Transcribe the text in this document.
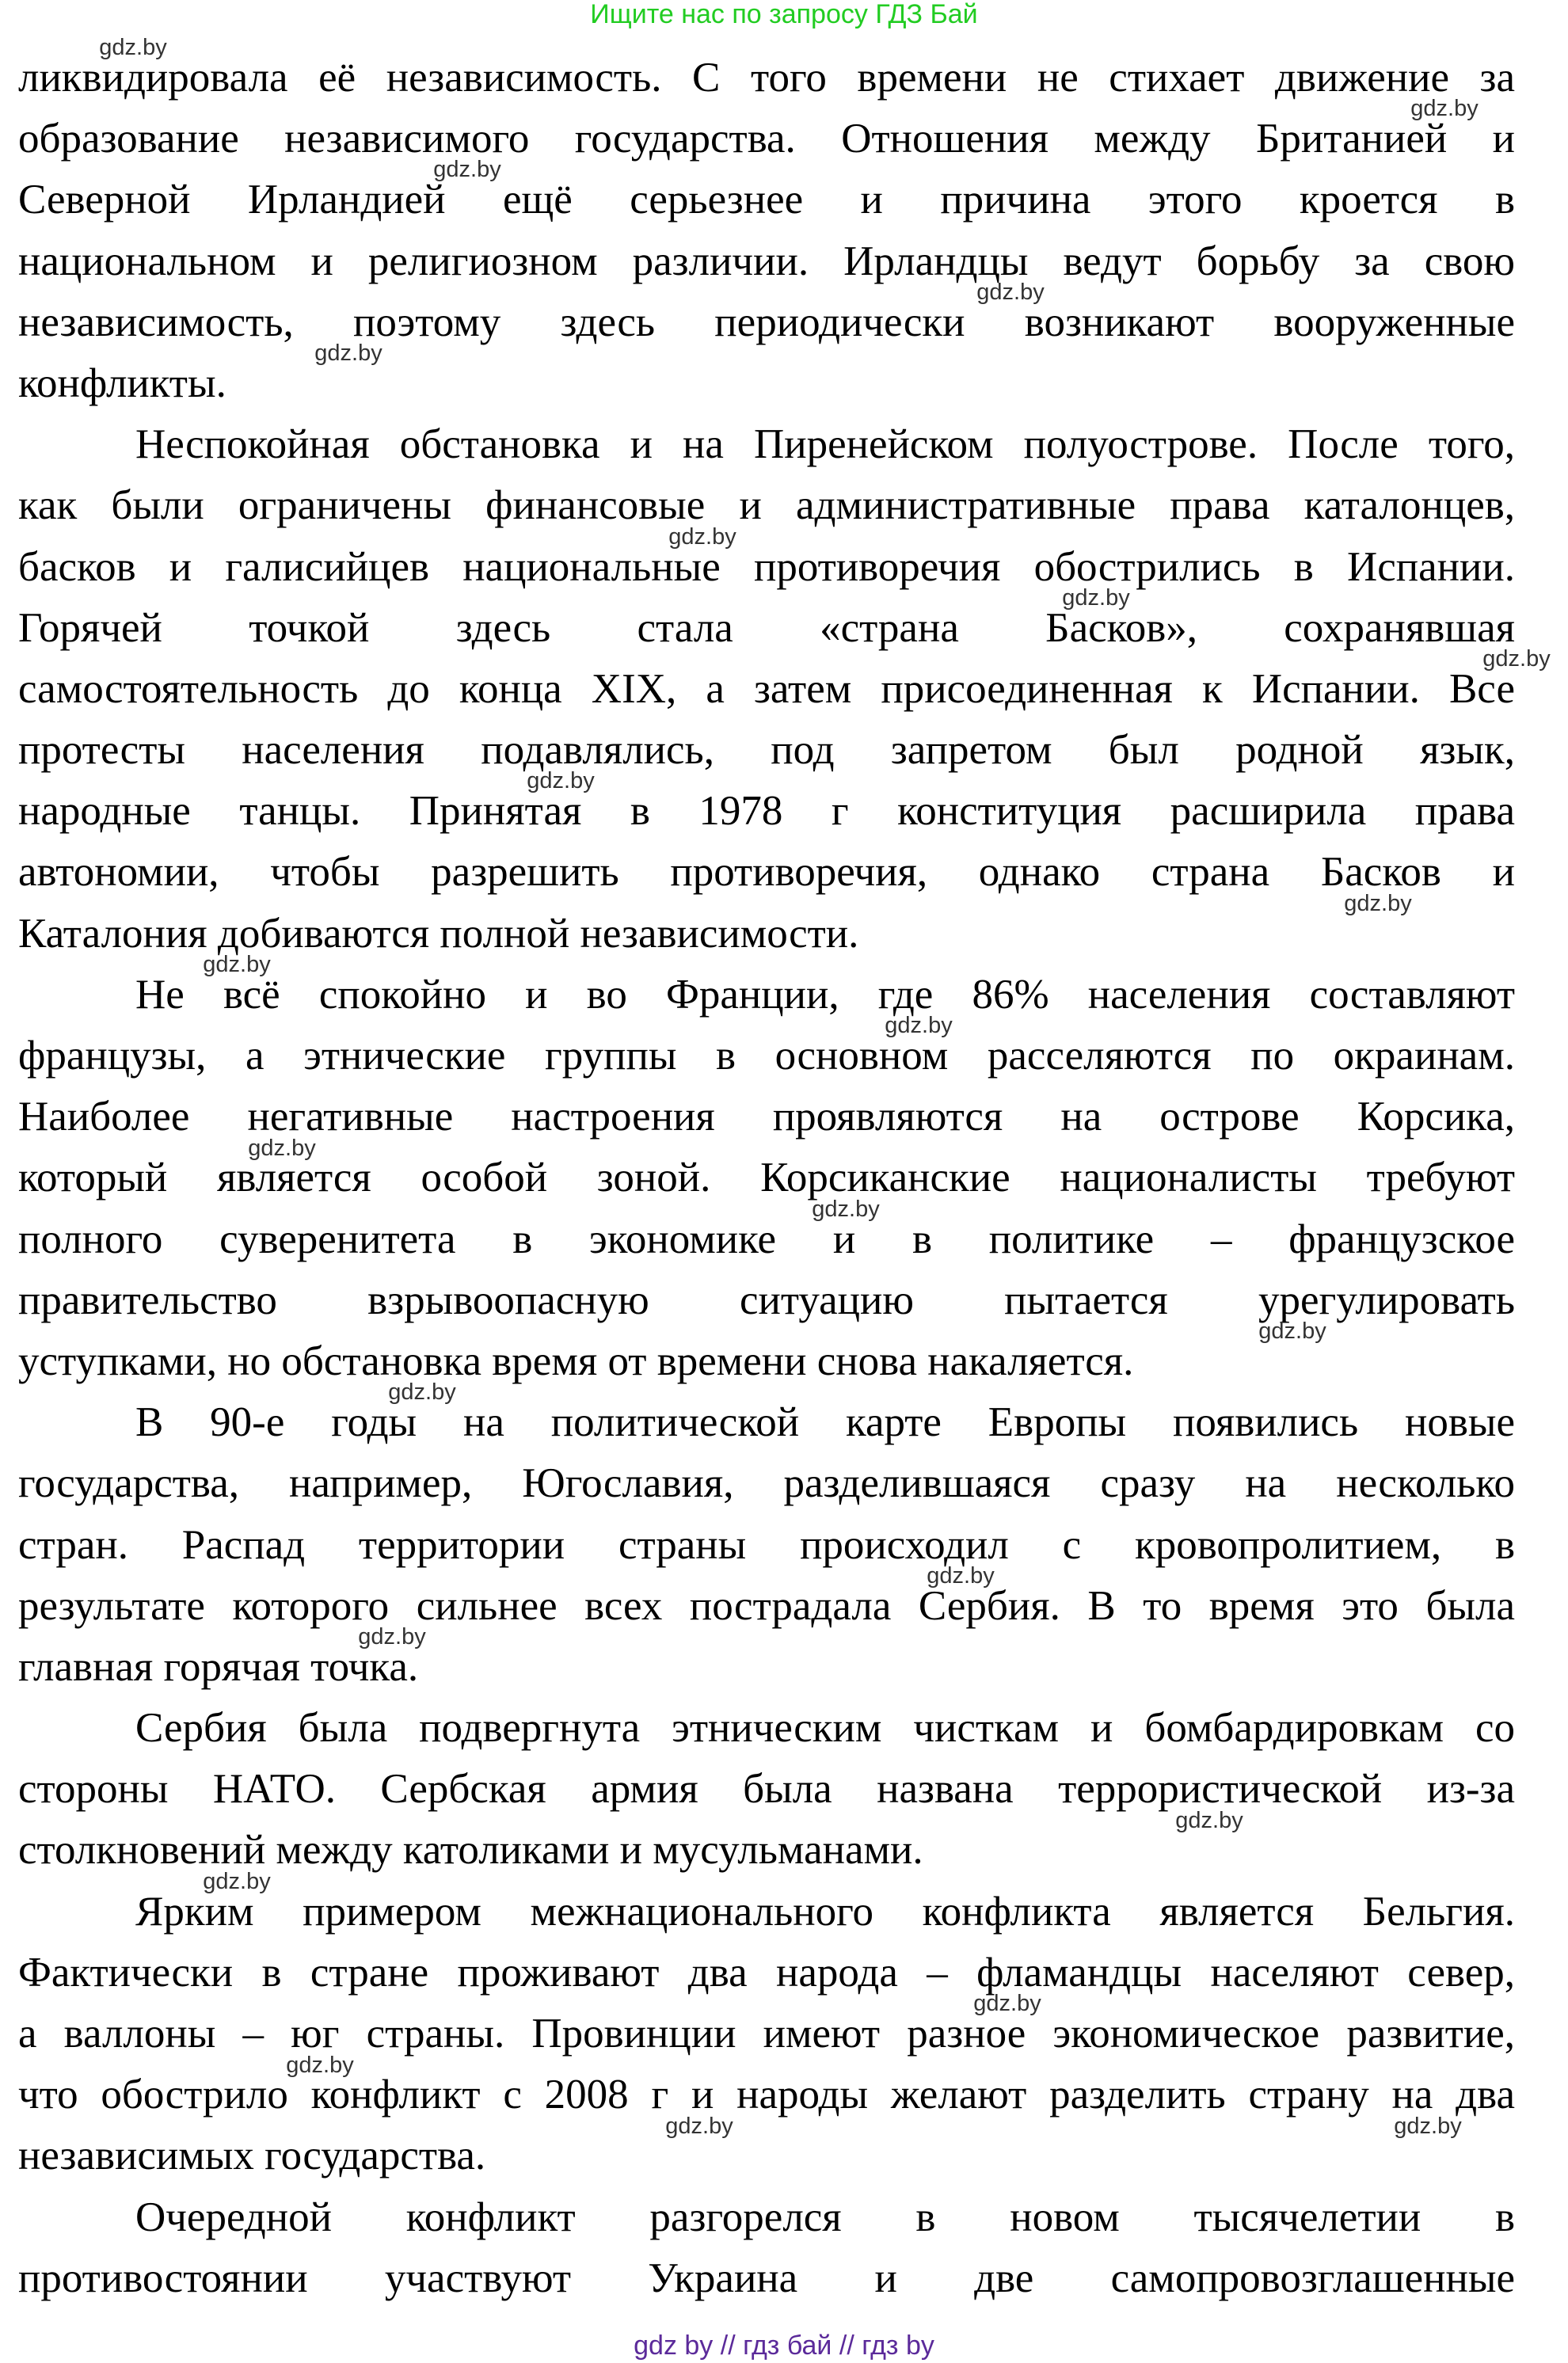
Ищите нас по запросу ГДЗ Бай
ликвидировала её независимость. С того времени не стихает движение за
образование независимого государства. Отношения между Британией и
Северной Ирландией ещё серьезнее и причина этого кроется в
национальном и религиозном различии. Ирландцы ведут борьбу за свою
независимость, поэтому здесь периодически возникают вооруженные
конфликты.
Неспокойная обстановка и на Пиренейском полуострове. После того,
как были ограничены финансовые и административные права каталонцев,
басков и галисийцев национальные противоречия обострились в Испании.
Горячей точкой здесь стала «страна Басков», сохранявшая
самостоятельность до конца XIX, а затем присоединенная к Испании. Все
протесты населения подавлялись, под запретом был родной язык,
народные танцы. Принятая в 1978 г конституция расширила права
автономии, чтобы разрешить противоречия, однако страна Басков и
Каталония добиваются полной независимости.
Не всё спокойно и во Франции, где 86% населения составляют
французы, а этнические группы в основном расселяются по окраинам.
Наиболее негативные настроения проявляются на острове Корсика,
который является особой зоной. Корсиканские националисты требуют
полного суверенитета в экономике и в политике – французское
правительство взрывоопасную ситуацию пытается урегулировать
уступками, но обстановка время от времени снова накаляется.
В 90-е годы на политической карте Европы появились новые
государства, например, Югославия, разделившаяся сразу на несколько
стран. Распад территории страны происходил с кровопролитием, в
результате которого сильнее всех пострадала Сербия. В то время это была
главная горячая точка.
Сербия была подвергнута этническим чисткам и бомбардировкам со
стороны НАТО. Сербская армия была названа террористической из-за
столкновений между католиками и мусульманами.
Ярким примером межнационального конфликта является Бельгия.
Фактически в стране проживают два народа – фламандцы населяют север,
а валлоны – юг страны. Провинции имеют разное экономическое развитие,
что обострило конфликт с 2008 г и народы желают разделить страну на два
независимых государства.
Очередной конфликт разгорелся в новом тысячелетии в
противостоянии участвуют Украина и две самопровозглашенные
gdz.by
gdz.by
gdz.by
gdz.by
gdz.by
gdz.by
gdz.by
gdz.by
gdz.by
gdz.by
gdz.by
gdz.by
gdz.by
gdz.by
gdz.by
gdz.by
gdz.by
gdz.by
gdz.by
gdz.by
gdz.by
gdz.by
gdz.by	gdz.by
gdz by // гдз бай // гдз by
